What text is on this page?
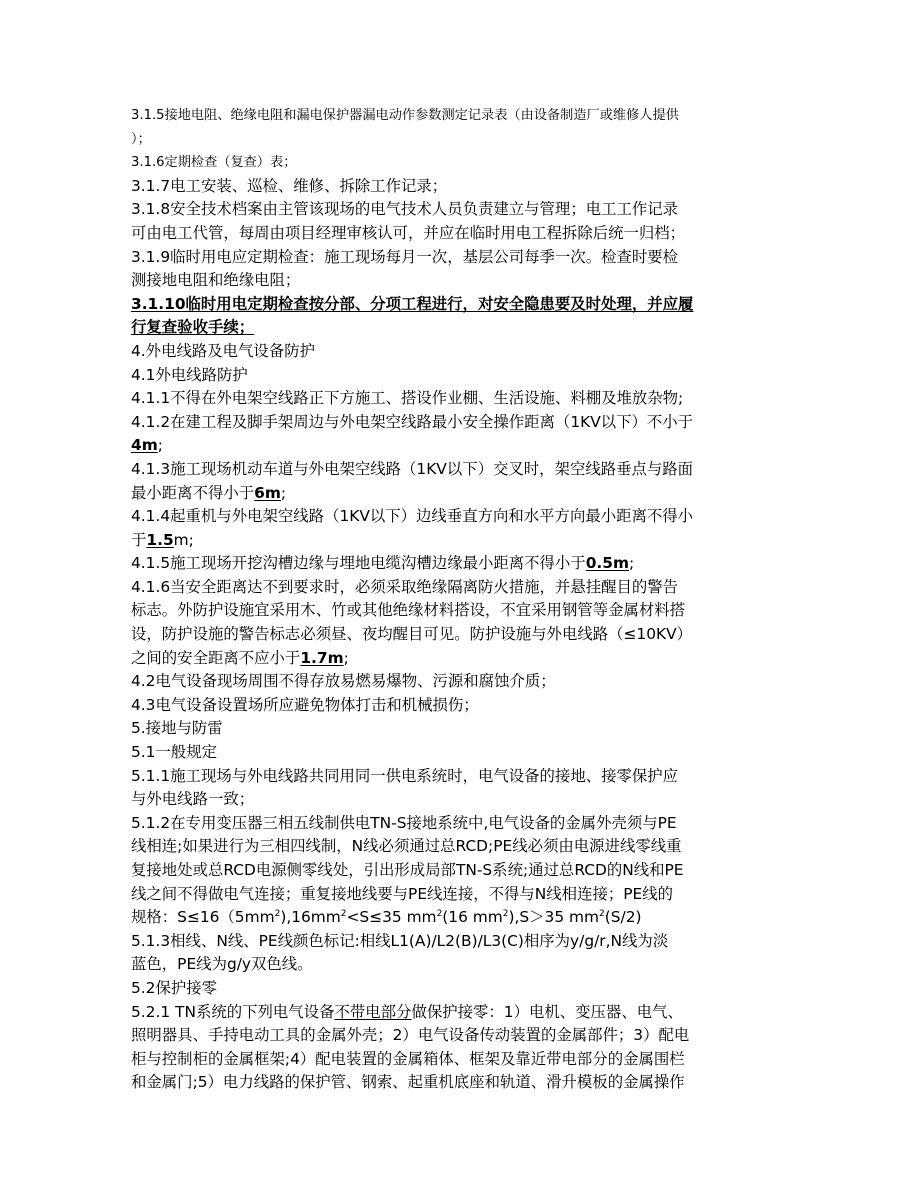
3.1.5接地电阻、绝缘电阻和漏电保护器漏电动作参数测定记录表（由设备制造厂或维修人提供
）；
3.1.6定期检查（复查）表；
3.1.7电工安装、巡检、维修、拆除工作记录；
3.1.8安全技术档案由主管该现场的电气技术人员负责建立与管理；电工工作记录
可由电工代管，每周由项目经理审核认可，并应在临时用电工程拆除后统一归档；
3.1.9临时用电应定期检查：施工现场每月一次，基层公司每季一次。检查时要检
测接地电阻和绝缘电阻；
3.1.10临时用电定期检查按分部、分项工程进行，对安全隐患要及时处理，并应履
行复查验收手续；
4.外电线路及电气设备防护
4.1外电线路防护
4.1.1不得在外电架空线路正下方施工、搭设作业棚、生活设施、料棚及堆放杂物;
4.1.2在建工程及脚手架周边与外电架空线路最小安全操作距离（1KV以下）不小于
4m;
4.1.3施工现场机动车道与外电架空线路（1KV以下）交叉时，架空线路垂点与路面
最小距离不得小于6m;
4.1.4起重机与外电架空线路（1KV以下）边线垂直方向和水平方向最小距离不得小
于1.5m;
4.1.5施工现场开挖沟槽边缘与埋地电缆沟槽边缘最小距离不得小于0.5m;
4.1.6当安全距离达不到要求时，必须采取绝缘隔离防火措施，并悬挂醒目的警告
标志。外防护设施宜采用木、竹或其他绝缘材料搭设，不宜采用钢管等金属材料搭
设，防护设施的警告标志必须昼、夜均醒目可见。防护设施与外电线路（≤10KV）
之间的安全距离不应小于1.7m;
4.2电气设备现场周围不得存放易燃易爆物、污源和腐蚀介质；
4.3电气设备设置场所应避免物体打击和机械损伤；
5.接地与防雷
5.1一般规定
5.1.1施工现场与外电线路共同用同一供电系统时，电气设备的接地、接零保护应
与外电线路一致；
5.1.2在专用变压器三相五线制供电TN-S接地系统中,电气设备的金属外壳须与PE
线相连;如果进行为三相四线制，N线必须通过总RCD;PE线必须由电源进线零线重
复接地处或总RCD电源侧零线处，引出形成局部TN-S系统;通过总RCD的N线和PE
线之间不得做电气连接；重复接地线要与PE线连接，不得与N线相连接；PE线的
规格：$S\le 16(5mm^2),16mm^2<S\le 35$ $mm^2(16$ $mm^2),S>35$ $mm^2(S/2)$
5.1.3相线、N线、PE线颜色标记:相线L1(A)/L2(B)/L3(C)相序为y/g/r,N线为淡
蓝色，PE线为g/y双色线。
5.2保护接零
5.2.1 TN系统的下列电气设备不带电部分做保护接零：1）电机、变压器、电气、
照明器具、手持电动工具的金属外壳；2）电气设备传动装置的金属部件；3）配电
柜与控制柜的金属框架;4）配电装置的金属箱体、框架及靠近带电部分的金属围栏
和金属门;5）电力线路的保护管、钢索、起重机底座和轨道、滑升模板的金属操作
